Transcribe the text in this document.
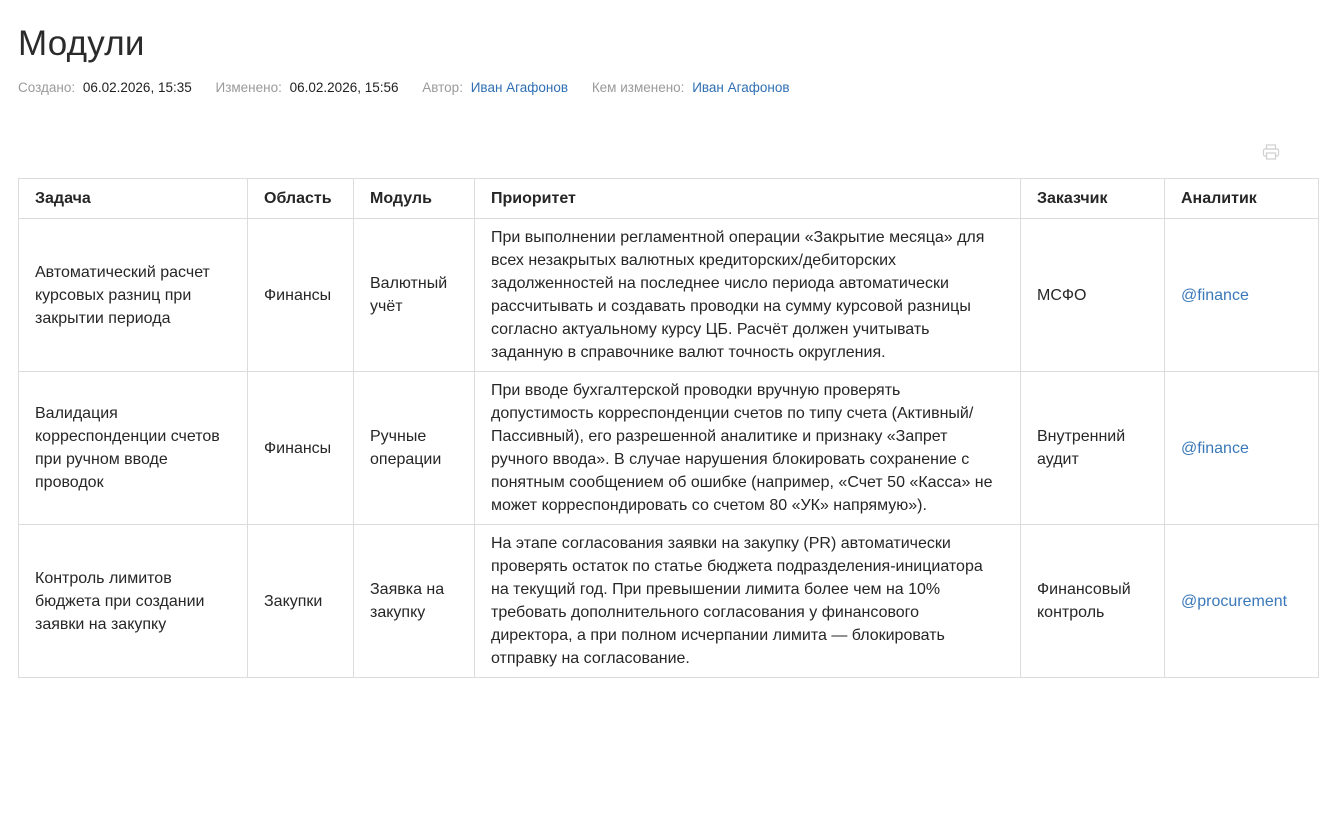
Модули
Создано: 06.02.2026, 15:35 Изменено: 06.02.2026, 15:56 Автор: Иван Агафонов Кем изменено: Иван Агафонов
Задача	Область	Модуль	Приоритет	Заказчик	Аналитик
Автоматический расчет курсовых разниц при закрытии периода	Финансы	Валютный учёт	При выполнении регламентной операции «Закрытие месяца» для всех незакрытых валютных кредиторских/дебиторских задолженностей на последнее число периода автоматически рассчитывать и создавать проводки на сумму курсовой разницы согласно актуальному курсу ЦБ. Расчёт должен учитывать заданную в справочнике валют точность округления.	МСФО	@finance
Валидация корреспонденции счетов при ручном вводе проводок	Финансы	Ручные операции	При вводе бухгалтерской проводки вручную проверять допустимость корреспонденции счетов по типу счета (Активный/Пассивный), его разрешенной аналитике и признаку «Запрет ручного ввода». В случае нарушения блокировать сохранение с понятным сообщением об ошибке (например, «Счет 50 «Касса» не может корреспондировать со счетом 80 «УК» напрямую»).	Внутренний аудит	@finance
Контроль лимитов бюджета при создании заявки на закупку	Закупки	Заявка на закупку	На этапе согласования заявки на закупку (PR) автоматически проверять остаток по статье бюджета подразделения-инициатора на текущий год. При превышении лимита более чем на 10% требовать дополнительного согласования у финансового директора, а при полном исчерпании лимита — блокировать отправку на согласование.	Финансовый контроль	@procurement
